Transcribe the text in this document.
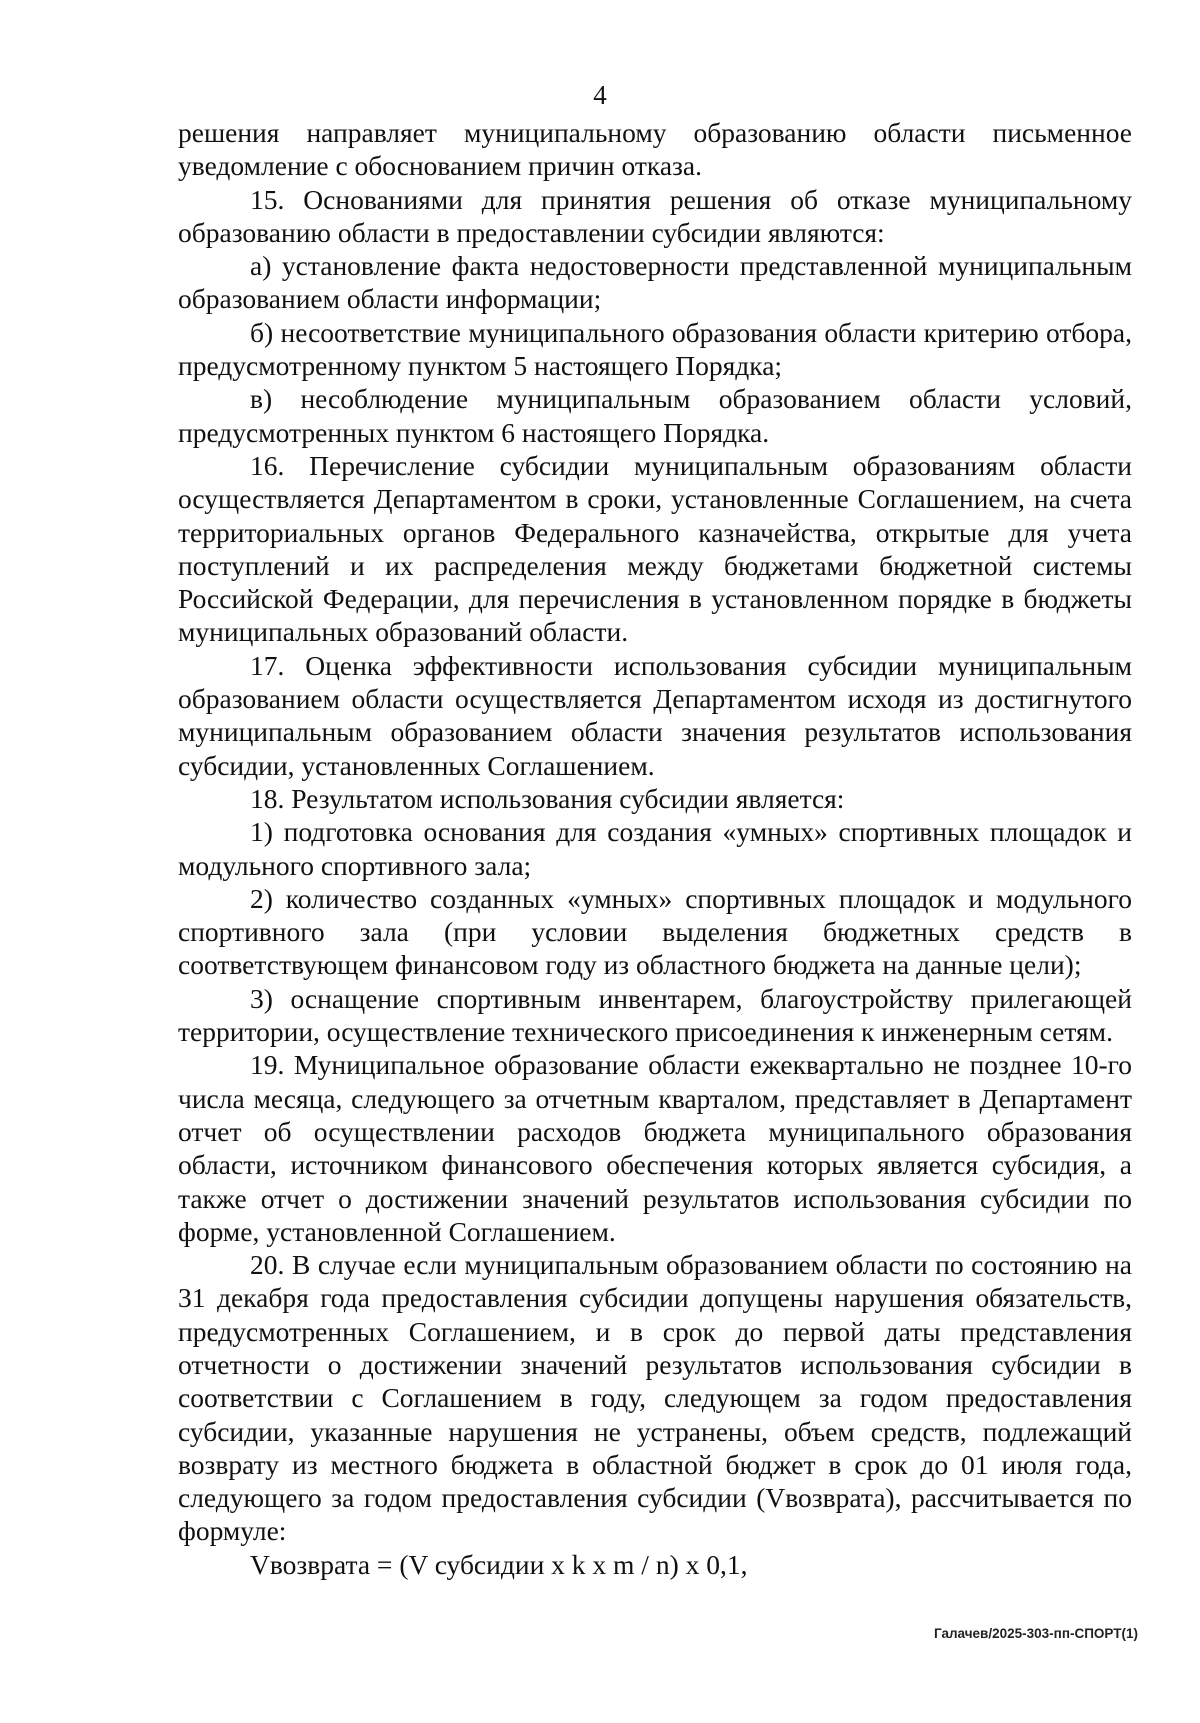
4

решения направляет муниципальному образованию области письменное уведомление с обоснованием причин отказа.

15. Основаниями для принятия решения об отказе муниципальному образованию области в предоставлении субсидии являются:

а) установление факта недостоверности представленной муниципальным образованием области информации;

б) несоответствие муниципального образования области критерию отбора, предусмотренному пунктом 5 настоящего Порядка;

в) несоблюдение муниципальным образованием области условий, предусмотренных пунктом 6 настоящего Порядка.

16. Перечисление субсидии муниципальным образованиям области осуществляется Департаментом в сроки, установленные Соглашением, на счета территориальных органов Федерального казначейства, открытые для учета поступлений и их распределения между бюджетами бюджетной системы Российской Федерации, для перечисления в установленном порядке в бюджеты муниципальных образований области.

17. Оценка эффективности использования субсидии муниципальным образованием области осуществляется Департаментом исходя из достигнутого муниципальным образованием области значения результатов использования субсидии, установленных Соглашением.

18. Результатом использования субсидии является:

1) подготовка основания для создания «умных» спортивных площадок и модульного спортивного зала;

2) количество созданных «умных» спортивных площадок и модульного спортивного зала (при условии выделения бюджетных средств в соответствующем финансовом году из областного бюджета на данные цели);

3) оснащение спортивным инвентарем, благоустройству прилегающей территории, осуществление технического присоединения к инженерным сетям.

19. Муниципальное образование области ежеквартально не позднее 10-го числа месяца, следующего за отчетным кварталом, представляет в Департамент отчет об осуществлении расходов бюджета муниципального образования области, источником финансового обеспечения которых является субсидия, а также отчет о достижении значений результатов использования субсидии по форме, установленной Соглашением.

20. В случае если муниципальным образованием области по состоянию на 31 декабря года предоставления субсидии допущены нарушения обязательств, предусмотренных Соглашением, и в срок до первой даты представления отчетности о достижении значений результатов использования субсидии в соответствии с Соглашением в году, следующем за годом предоставления субсидии, указанные нарушения не устранены, объем средств, подлежащий возврату из местного бюджета в областной бюджет в срок до 01 июля года, следующего за годом предоставления субсидии (Vвозврата), рассчитывается по формуле:

Vвозврата = (V субсидии x k x m / n) x 0,1,

Галачев/2025-303-пп-СПОРТ(1)
